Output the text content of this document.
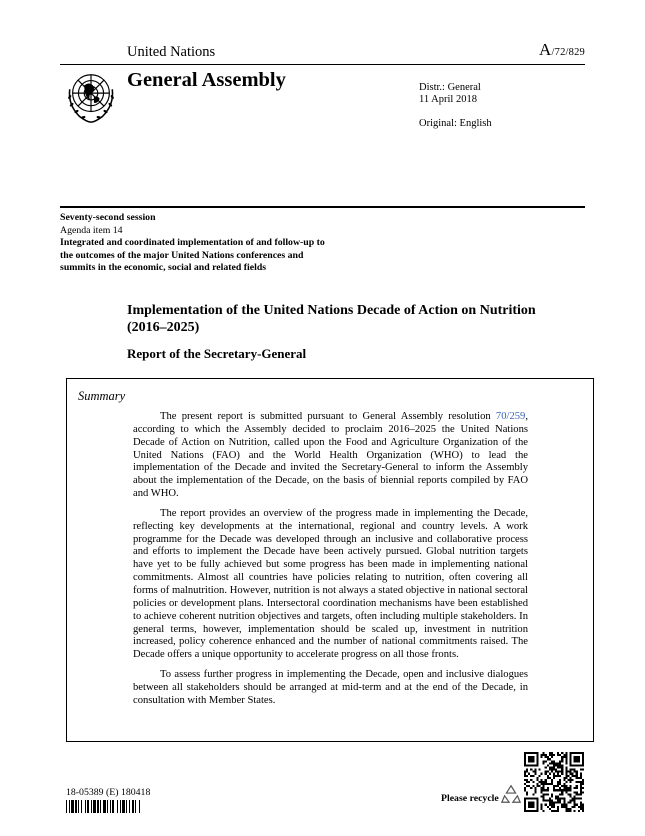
United Nations	A/72/829
General Assembly	Distr.: General
11 April 2018
Original: English
Seventy-second session
Agenda item 14
Integrated and coordinated implementation of and follow-up to the outcomes of the major United Nations conferences and summits in the economic, social and related fields
Implementation of the United Nations Decade of Action on Nutrition (2016–2025)
Report of the Secretary-General
Summary

The present report is submitted pursuant to General Assembly resolution 70/259, according to which the Assembly decided to proclaim 2016–2025 the United Nations Decade of Action on Nutrition, called upon the Food and Agriculture Organization of the United Nations (FAO) and the World Health Organization (WHO) to lead the implementation of the Decade and invited the Secretary-General to inform the Assembly about the implementation of the Decade, on the basis of biennial reports compiled by FAO and WHO.

The report provides an overview of the progress made in implementing the Decade, reflecting key developments at the international, regional and country levels. A work programme for the Decade was developed through an inclusive and collaborative process and efforts to implement the Decade have been actively pursued. Global nutrition targets have yet to be fully achieved but some progress has been made in implementing national commitments. Almost all countries have policies relating to nutrition, often covering all forms of malnutrition. However, nutrition is not always a stated objective in national sectoral policies or development plans. Intersectoral coordination mechanisms have been established to achieve coherent nutrition objectives and targets, often including multiple stakeholders. In general terms, however, implementation should be scaled up, investment in nutrition increased, policy coherence enhanced and the number of national commitments raised. The Decade offers a unique opportunity to accelerate progress on all those fronts.

To assess further progress in implementing the Decade, open and inclusive dialogues between all stakeholders should be arranged at mid-term and at the end of the Decade, in consultation with Member States.

18-05389 (E) 180418
Please recycle
